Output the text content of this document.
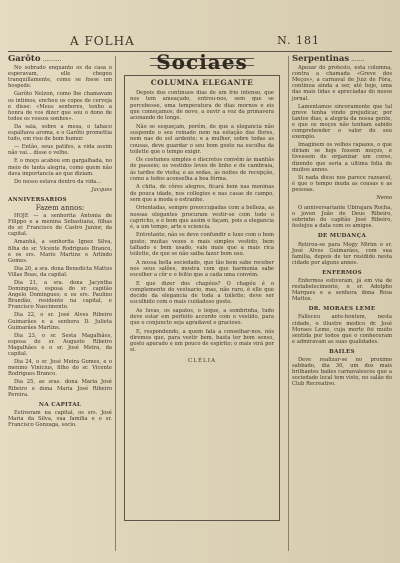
A FOLHA	N. 181
Garôto ..........

No sobrado enquanto os da casa o esperavam, elle chegou tranquillamente, como se fosse um hospede.

Garôto Nelzon, como lhe chamavam os intimos, encheu os copos de cerveja e disse: «Meus senhores, tenho a honra de vos dizer que sou o dono de todos os vossos sonhos».

Da sala, sobre a mesa, o tabaco espalhava aroma, e o Garôto promettia tudo, em riso de bom humor.

— Então, seus patifes, a vida assim não vai... disse o velho.

E o moço acabou em gargalhada, no meio de tanta alegria, como quem não dava importancia ao que diziam.

Do nosso estava dentro da vida...

Jacques

ANNIVERSARIOS
Fazem annos:

HOJE — a senhorita Antonia de Filippo e a menina Sebastiana, filhas do sr. Francisco de Castro Junior, da capital.

Amanhã, a senhorita Ignez Silva, filha do sr. Vicente Rodrigues Branco, e os srs. Mario Martins e Arlindo Gomes.

Dia 20, a sra. dona Benedicta Mattos Villas Boas, da capital.

Dia 21, a sra. dona Jacyntha Domingues, esposa do sr. capitão Angelo Domingues; e os srs. Paulino Brandão, residente na capital, e Francisco Nascimento.

Dia 22, o sr. José Alves Ribeiro Guimarães e a senhora D. Julieta Guimarães Martins.

Dia 23, o sr. Sesta Magalhães, esposa do sr. Augusto Ribeiro Magalhães e o sr. José Meira, da capital.

Dia 24, o sr. José Meira Gomes, e o menino Vinicius, filho do sr. Vicente Rodrigues Branco.

Dia 25, as sras. dona Maria José Ribeiro e dona Maria José Ribeiro Pereira.

NA CAPITAL

Estiveram na capital, os srs. José Maria da Silva, sua familia e o sr. Francisco Gonzaga, socio.

Sociaes
COLUMNA ELEGANTE

Depois dos continuos dias de um frio intenso, que nos tem ameaçado, entrou-nos, sem que se percebesse, uma temperatura de dias mornos e eis que começamos, de novo, a ouvir a voz da primavera acenando de longe.

Não se esqueçam, porém, de que a elegancia não suspende o seu reinado nem na estação das flores, nem nas do sol ardente; e a mulher, sobre todas as cousas, deve guardar o seu bom gosto na escolha da toilette que o tempo exigir.

Os costumes simples e discretos convêm ás manhãs de passeio; os vestidos leves de linho e de cambraia, ás tardes de visita; e as sedas, ás noites de recepção, como a todos aconselha a boa fórma.

A chita, de côres alegres, ficará bem nas meninas de pouca idade, nos collegios e nas casas de campo, sem que a moda o estranhe.

Orientadas, sempre preoccupadas com a belleza, as nossas elegantes procuram vestir-se com todo o capricho, e é bom que assim o façam, pois a elegancia é, a um tempo, arte e sciencia.

Entretanto, não se deve confundir o luxo com o bom gosto; muitas vezes o mais simples vestido, bem talhado e bem usado, vale mais que a mais rica toilette, de que se não saiba fazer bom uso.

A nossa bella sociedade, que tão bem sabe receber nos seus salões, mostra com que harmonia sabe escolher a côr e o feitio que a cada uma convém.

E que dizer dos chapéus? O chapéu é o complemento do vestuario, mas, não raro, é elle que decide da elegancia de toda a toilette; deve ser escolhido com o mais cuidadoso gosto.

As luvas, os sapatos, o leque, a sombrinha, tudo deve estar em perfeito accordo com o vestido, para que o conjuncto seja agradavel e gracioso.

E, respondendo, a quem fala a conselhar-nos, nós diremos que, para vestir bem, basta ter bom senso, gosto apurado e um pouco de espirito; o mais virá por si.

CLÉLIA
Serpentinas .......

Apezar do protesto, esta columna, contra a chamada «Greve dos Meços», a carnaval de Juiz de Fóra, continua ainda a ser, até hoje, uma das mais lidas e apreciadas do nosso jornal.

Lamentamos sinceramente que tal greve tenha vindo prejudicar, por tantos dias, a alegria da nossa gente, e que os moços não tenham sabido comprehender o valor do seu exemplo.

Imaginem os velhos rapazes, o que diriam se hoje fossem moços, e tivessem de organizar um corso, dizendo que seria a ultima folia de muitos annos.

Si nada disso nos parece razoavel, é que o tempo muda as cousas e as pessoas.

Nemo

O anniversariante Ubirajara Rocha, o joven João de Deus Ribeiro, sobrinho do capitão José Ribeiro, festejou a data com os amigos.

DE MUDANÇA

Retirou-se para Mogy Mirim o sr. José Alves Guimarães, com sua familia, depois de ter residido nesta cidade por alguns annos.

ENFERMOS

Enfermos estiveram, já em via de restabelecimento, o sr. Adolpho Marques e a senhora dona Rosa Mattos.

DR. MORAES LEME

Falleceu ante-hontem, nesta cidade, o illustre medico dr. José Moraes Leme, cuja morte foi muito sentida por todos que o conheceram e admiravam as suas qualidades.

BAILES

Deve realizar-se no proximo sabbado, dia 30, um dos mais brilhantes bailes carnavalescos que a sociedade local tem visto, no salão do Club Recreativo.
